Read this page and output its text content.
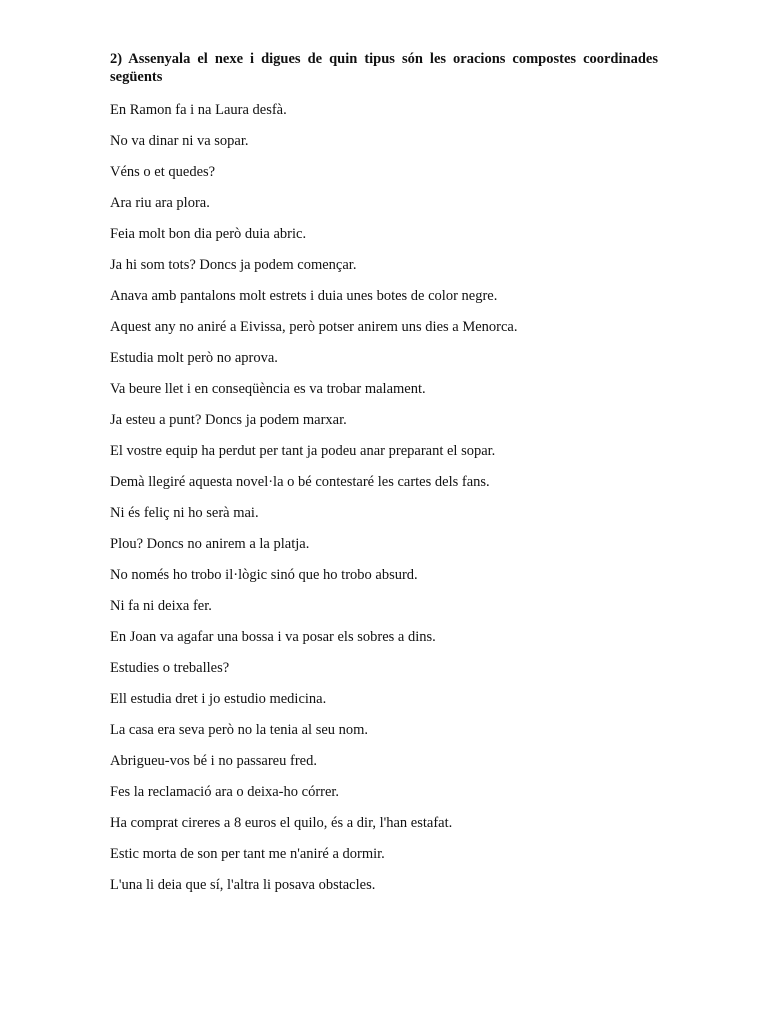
2) Assenyala el nexe i digues de quin tipus són les oracions compostes coordinades següents

En Ramon fa i na Laura desfà.
No va dinar ni va sopar.
Véns o et quedes?
Ara riu ara plora.
Feia molt bon dia però duia abric.
Ja hi som tots? Doncs ja podem començar.
Anava amb pantalons molt estrets i duia unes botes de color negre.
Aquest any no aniré a Eivissa, però potser anirem uns dies a Menorca.
Estudia molt però no aprova.
Va beure llet i en conseqüència es va trobar malament.
Ja esteu a punt? Doncs ja podem marxar.
El vostre equip ha perdut per tant ja podeu anar preparant el sopar.
Demà llegiré aquesta novel·la o bé contestaré les cartes dels fans.
Ni és feliç ni ho serà mai.
Plou? Doncs no anirem a la platja.
No només ho trobo il·lògic sinó que ho trobo absurd.
Ni fa ni deixa fer.
En Joan va agafar una bossa i va posar els sobres a dins.
Estudies o treballes?
Ell estudia dret i jo estudio medicina.
La casa era seva però no la tenia al seu nom.
Abrigueu-vos bé i no passareu fred.
Fes la reclamació ara o deixa-ho córrer.
Ha comprat cireres a 8 euros el quilo, és a dir, l'han estafat.
Estic morta de son per tant me n'aniré a dormir.
L'una li deia que sí, l'altra li posava obstacles.
